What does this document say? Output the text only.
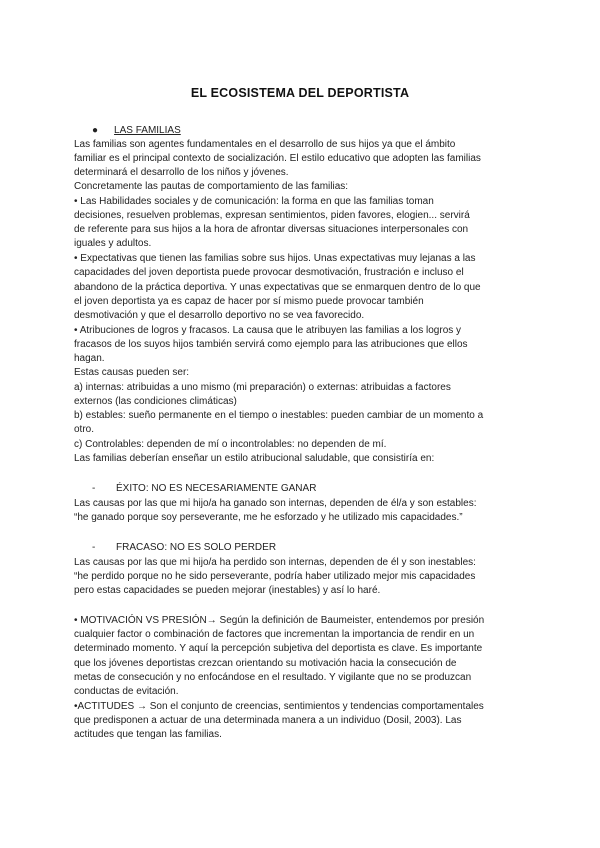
EL ECOSISTEMA DEL DEPORTISTA
● LAS FAMILIAS
Las familias son agentes fundamentales en el desarrollo de sus hijos ya que el ámbito
familiar es el principal contexto de socialización. El estilo educativo que adopten las familias
determinará el desarrollo de los niños y jóvenes.
Concretamente las pautas de comportamiento de las familias:
• Las Habilidades sociales y de comunicación: la forma en que las familias toman
decisiones, resuelven problemas, expresan sentimientos, piden favores, elogien... servirá
de referente para sus hijos a la hora de afrontar diversas situaciones interpersonales con
iguales y adultos.
• Expectativas que tienen las familias sobre sus hijos. Unas expectativas muy lejanas a las
capacidades del joven deportista puede provocar desmotivación, frustración e incluso el
abandono de la práctica deportiva. Y unas expectativas que se enmarquen dentro de lo que
el joven deportista ya es capaz de hacer por sí mismo puede provocar también
desmotivación y que el desarrollo deportivo no se vea favorecido.
• Atribuciones de logros y fracasos. La causa que le atribuyen las familias a los logros y
fracasos de los suyos hijos también servirá como ejemplo para las atribuciones que ellos
hagan.
Estas causas pueden ser:
a) internas: atribuidas a uno mismo (mi preparación) o externas: atribuidas a factores
externos (las condiciones climáticas)
b) estables: sueño permanente en el tiempo o inestables: pueden cambiar de un momento a
otro.
c) Controlables: dependen de mí o incontrolables: no dependen de mí.
Las familias deberían enseñar un estilo atribucional saludable, que consistiría en:
- ÉXITO: NO ES NECESARIAMENTE GANAR
Las causas por las que mi hijo/a ha ganado son internas, dependen de él/a y son estables:
“he ganado porque soy perseverante, me he esforzado y he utilizado mis capacidades.”
- FRACASO: NO ES SOLO PERDER
Las causas por las que mi hijo/a ha perdido son internas, dependen de él y son inestables:
“he perdido porque no he sido perseverante, podría haber utilizado mejor mis capacidades
pero estas capacidades se pueden mejorar (inestables) y así lo haré.
• MOTIVACIÓN VS PRESIÓN→ Según la definición de Baumeister, entendemos por presión
cualquier factor o combinación de factores que incrementan la importancia de rendir en un
determinado momento. Y aquí la percepción subjetiva del deportista es clave. Es importante
que los jóvenes deportistas crezcan orientando su motivación hacia la consecución de
metas de consecución y no enfocándose en el resultado. Y vigilante que no se produzcan
conductas de evitación.
•ACTITUDES → Son el conjunto de creencias, sentimientos y tendencias comportamentales
que predisponen a actuar de una determinada manera a un individuo (Dosil, 2003). Las
actitudes que tengan las familias.
